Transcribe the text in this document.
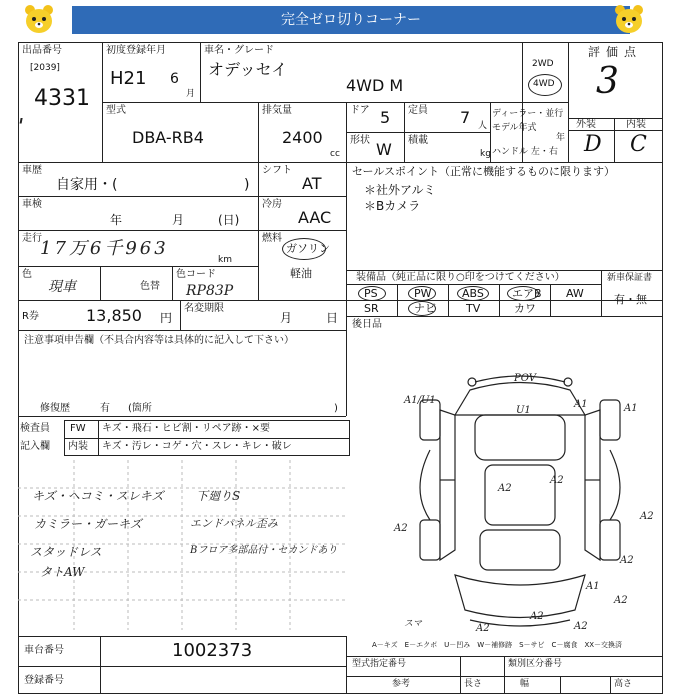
完全ゼロ切りコーナー
出品番号
[2039]
4331
ˈ
初度登録年月
H21 6
月
車名・グレード
オデッセイ
4WD M
2WD
4WD
評価点
3
外装	内装
D C
型式
DBA-RB4
排気量
2400
cc
ドア 5 定員 7 人
形状 W 積載
kg
ディーラー・並行
モデル年式
年
ハンドル 左・右
車歴
自家用・(	)
シフト
AT
車検
年	月	(日)
冷房
AAC
走行
17万6千963
km
燃料
ガソリン
軽油
色
現車	色替
色コード
RP83P
R券	13,850 円
名変期限
月	日
セールスポイント（正常に機能するものに限ります）
＊社外アルミ
＊Bカメラ
装備品（純正品に限り○印をつけてください）
PS	PW	ABS	エアB AW
SR	ナビ	TV	カワ
新車保証書
有・無
後日品
注意事項申告欄（不具合内容等は具体的に記入して下さい）
修復歴	有 (箇所	)
検査員
記入欄
FW キズ・飛石・ヒビ割・リペア跡・×要
内装 キズ・汚レ・コゲ・穴・スレ・キレ・破レ
キズ・ヘコミ・スレキズ
カミラー・ガーキズ
スタッドレス
タトAW
下廻りS
エンドパネル歪み
Bフロア多部品付・セカンドあり
A1/U1
POV
A1
A1
U1
A2
A2
A2
A2
A2
A1
A2	A2
A2
スマ
A2
A－キズ　E－エクボ　U－凹み　W－補修跡　S－サビ　C－腐食　XX－交換済
車台番号	1002373
登録番号
型式指定番号	類別区分番号
参考	長さ	幅	高さ
